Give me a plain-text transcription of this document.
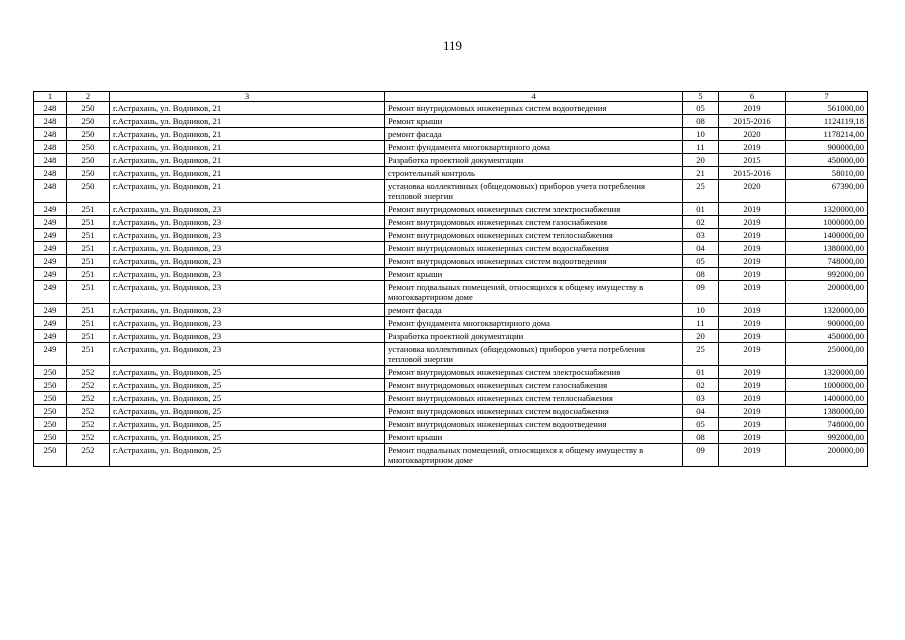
119
1	2	3	4	5	6	7
248	250	г.Астрахань, ул. Водников, 21	Ремонт внутридомовых инженерных систем водоотведения	05	2019	561000,00
248	250	г.Астрахань, ул. Водников, 21	Ремонт крыши	08	2015-2016	1124119,18
248	250	г.Астрахань, ул. Водников, 21	ремонт фасада	10	2020	1178214,00
248	250	г.Астрахань, ул. Водников, 21	Ремонт фундамента многоквартирного дома	11	2019	900000,00
248	250	г.Астрахань, ул. Водников, 21	Разработка проектной документации	20	2015	450000,00
248	250	г.Астрахань, ул. Водников, 21	строительный контроль	21	2015-2016	58010,00
248	250	г.Астрахань, ул. Водников, 21	установка коллективных (общедомовых) приборов учета потребления тепловой энергии	25	2020	67390,00
249	251	г.Астрахань, ул. Водников, 23	Ремонт внутридомовых инженерных систем электроснабжения	01	2019	1320000,00
249	251	г.Астрахань, ул. Водников, 23	Ремонт внутридомовых инженерных систем газоснабжения	02	2019	1000000,00
249	251	г.Астрахань, ул. Водников, 23	Ремонт внутридомовых инженерных систем теплоснабжения	03	2019	1400000,00
249	251	г.Астрахань, ул. Водников, 23	Ремонт внутридомовых инженерных систем водоснабжения	04	2019	1380000,00
249	251	г.Астрахань, ул. Водников, 23	Ремонт внутридомовых инженерных систем водоотведения	05	2019	748000,00
249	251	г.Астрахань, ул. Водников, 23	Ремонт крыши	08	2019	992000,00
249	251	г.Астрахань, ул. Водников, 23	Ремонт подвальных помещений, относящихся к общему имуществу в многоквартирном доме	09	2019	200000,00
249	251	г.Астрахань, ул. Водников, 23	ремонт фасада	10	2019	1320000,00
249	251	г.Астрахань, ул. Водников, 23	Ремонт фундамента многоквартирного дома	11	2019	900000,00
249	251	г.Астрахань, ул. Водников, 23	Разработка проектной документации	20	2019	450000,00
249	251	г.Астрахань, ул. Водников, 23	установка коллективных (общедомовых) приборов учета потребления тепловой энергии	25	2019	250000,00
250	252	г.Астрахань, ул. Водников, 25	Ремонт внутридомовых инженерных систем электроснабжения	01	2019	1320000,00
250	252	г.Астрахань, ул. Водников, 25	Ремонт внутридомовых инженерных систем газоснабжения	02	2019	1000000,00
250	252	г.Астрахань, ул. Водников, 25	Ремонт внутридомовых инженерных систем теплоснабжения	03	2019	1400000,00
250	252	г.Астрахань, ул. Водников, 25	Ремонт внутридомовых инженерных систем водоснабжения	04	2019	1380000,00
250	252	г.Астрахань, ул. Водников, 25	Ремонт внутридомовых инженерных систем водоотведения	05	2019	748000,00
250	252	г.Астрахань, ул. Водников, 25	Ремонт крыши	08	2019	992000,00
250	252	г.Астрахань, ул. Водников, 25	Ремонт подвальных помещений, относящихся к общему имуществу в многоквартирном доме	09	2019	200000,00
